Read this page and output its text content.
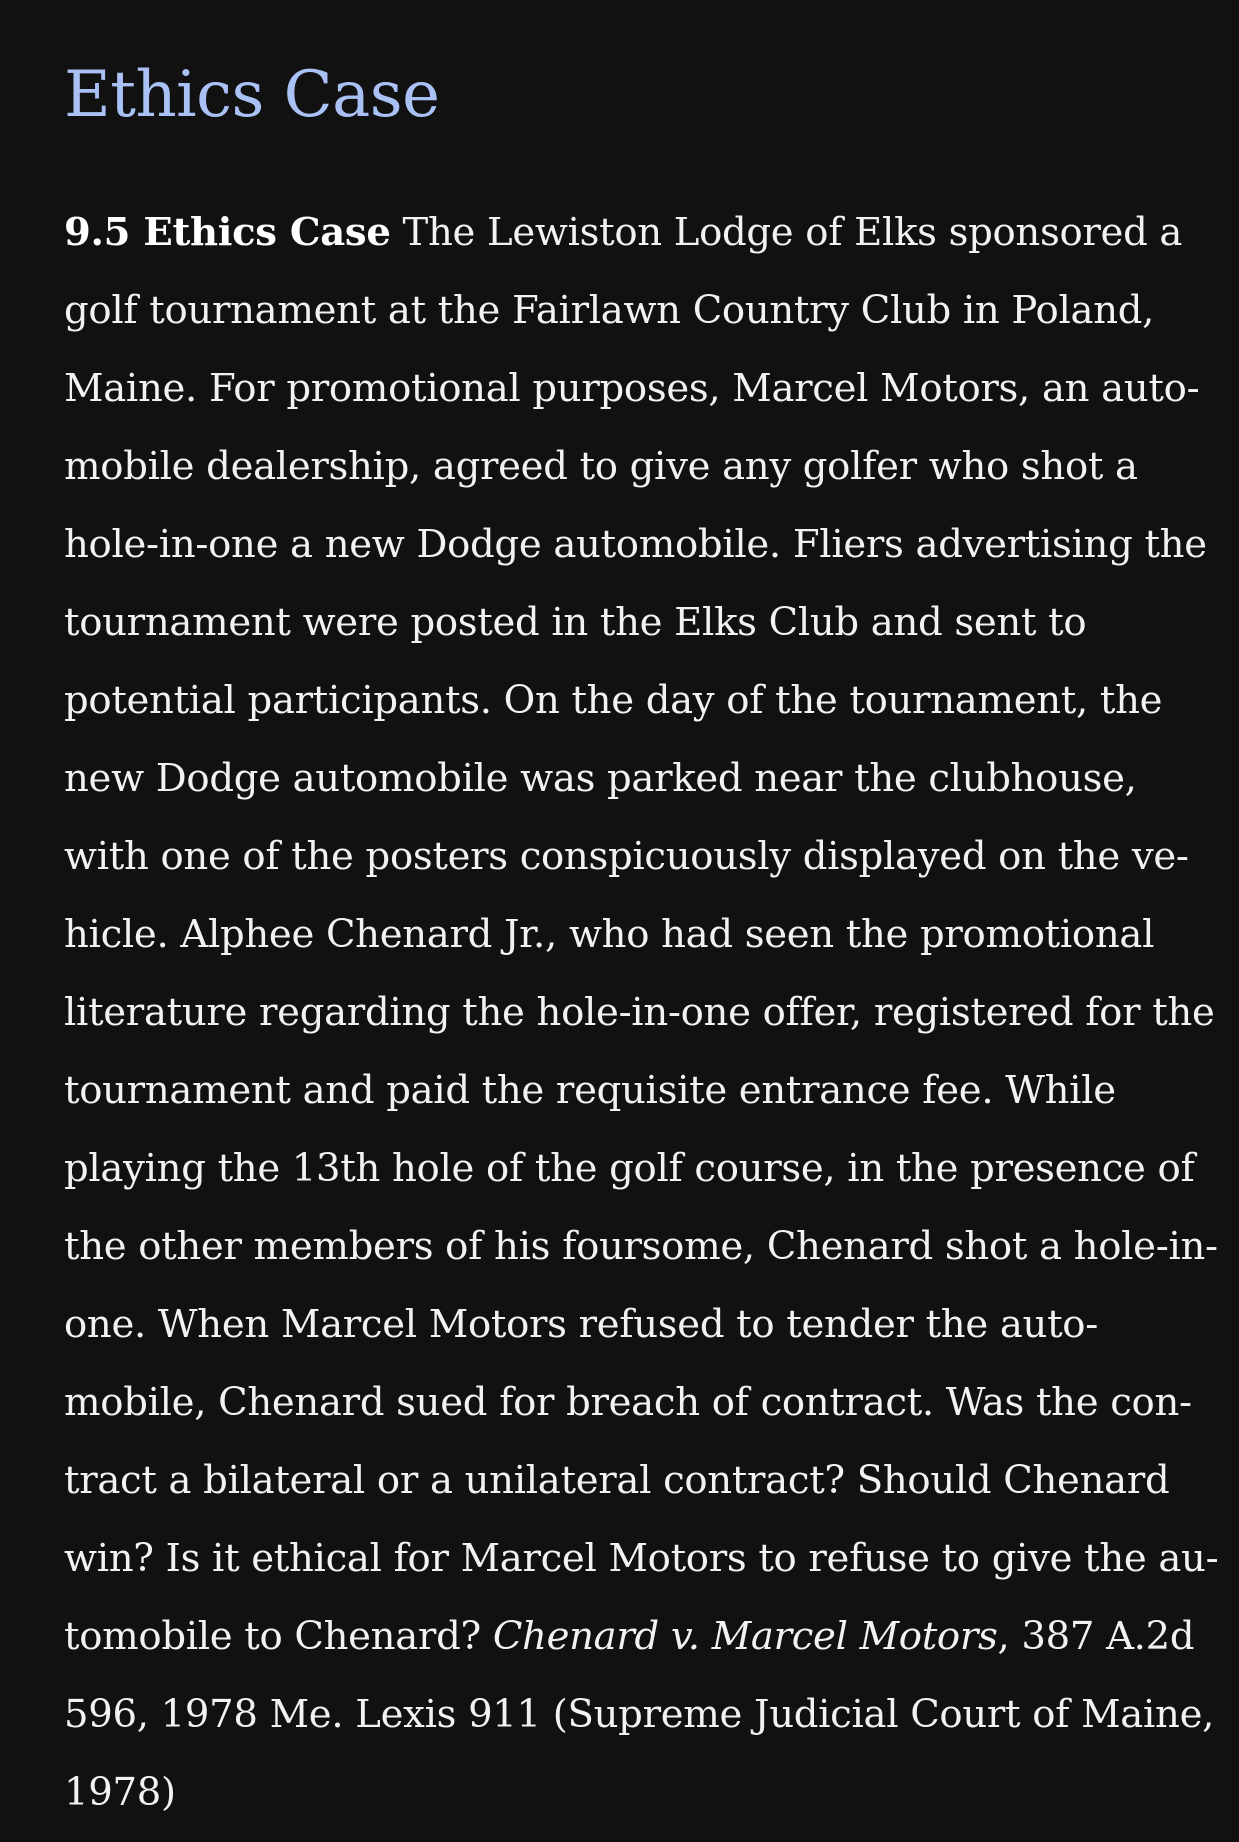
Ethics Case

9.5 Ethics Case The Lewiston Lodge of Elks sponsored a golf tournament at the Fairlawn Country Club in Poland, Maine. For promotional purposes, Marcel Motors, an automobile dealership, agreed to give any golfer who shot a hole-in-one a new Dodge automobile. Fliers advertising the tournament were posted in the Elks Club and sent to potential participants. On the day of the tournament, the new Dodge automobile was parked near the clubhouse, with one of the posters conspicuously displayed on the vehicle. Alphee Chenard Jr., who had seen the promotional literature regarding the hole-in-one offer, registered for the tournament and paid the requisite entrance fee. While playing the 13th hole of the golf course, in the presence of the other members of his foursome, Chenard shot a hole-in-one. When Marcel Motors refused to tender the automobile, Chenard sued for breach of contract. Was the contract a bilateral or a unilateral contract? Should Chenard win? Is it ethical for Marcel Motors to refuse to give the automobile to Chenard? Chenard v. Marcel Motors, 387 A.2d 596, 1978 Me. Lexis 911 (Supreme Judicial Court of Maine, 1978)
